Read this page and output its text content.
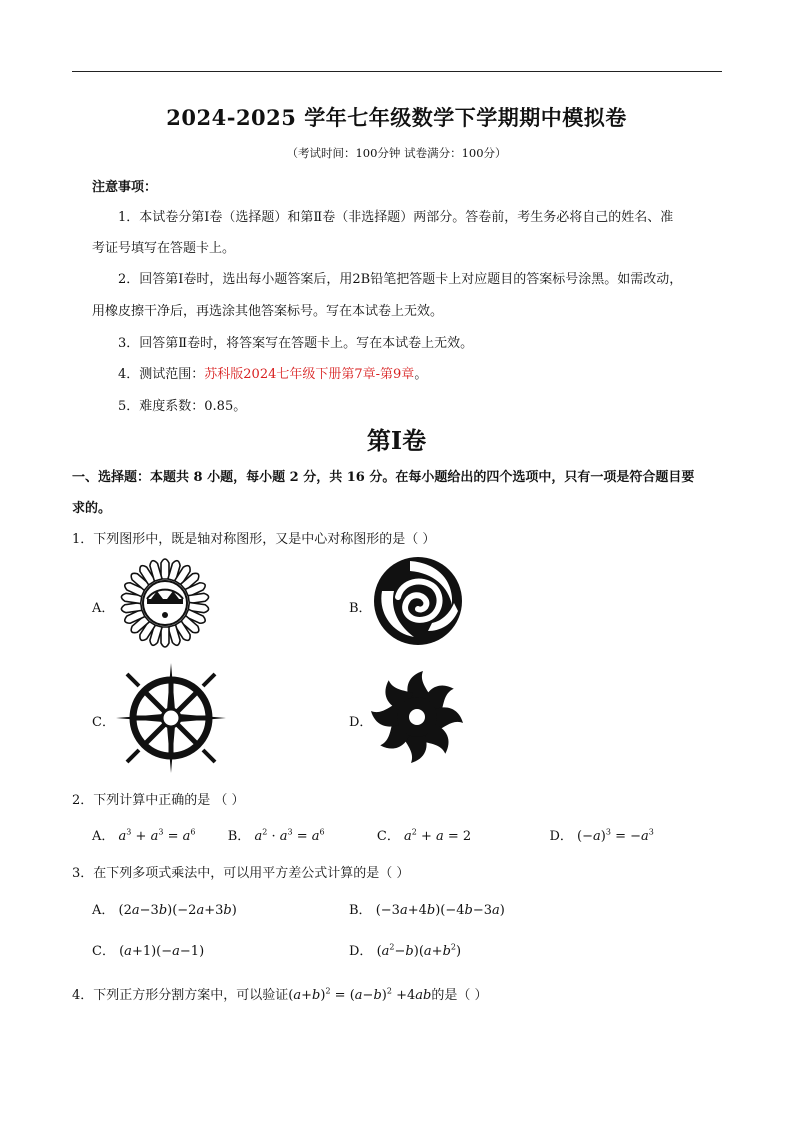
2024-2025 学年七年级数学下学期期中模拟卷
（考试时间：100分钟 试卷满分：100分）
注意事项：
1．本试卷分第Ⅰ卷（选择题）和第Ⅱ卷（非选择题）两部分。答卷前，考生务必将自己的姓名、准
考证号填写在答题卡上。
2．回答第Ⅰ卷时，选出每小题答案后，用2B铅笔把答题卡上对应题目的答案标号涂黑。如需改动，
用橡皮擦干净后，再选涂其他答案标号。写在本试卷上无效。
3．回答第Ⅱ卷时，将答案写在答题卡上。写在本试卷上无效。
4．测试范围：苏科版2024七年级下册第7章-第9章。
5．难度系数：0.85。
第Ⅰ卷
一、选择题：本题共 8 小题，每小题 2 分，共 16 分。在每小题给出的四个选项中，只有一项是符合题目要
求的。
1．下列图形中，既是轴对称图形，又是中心对称图形的是（ ）
A．	B．
C．	D．
2．下列计算中正确的是 （ ）
A． $a^3 + a^3 = a^6$ B． $a^2 \cdot a^3 = a^6$	C． $a^2 + a = 2$	D． $(-a)^3 = -a^3$
3．在下列多项式乘法中，可以用平方差公式计算的是（ ）
A． (2a−3b)(−2a+3b)	B． (−3a+4b)(−4b−3a)
C． (a+1)(−a−1)	D． $(a^2-b)(a+b^2)$
4．下列正方形分割方案中，可以验证$(a+b)^2 = (a-b)^2 +4ab$的是（ ）
